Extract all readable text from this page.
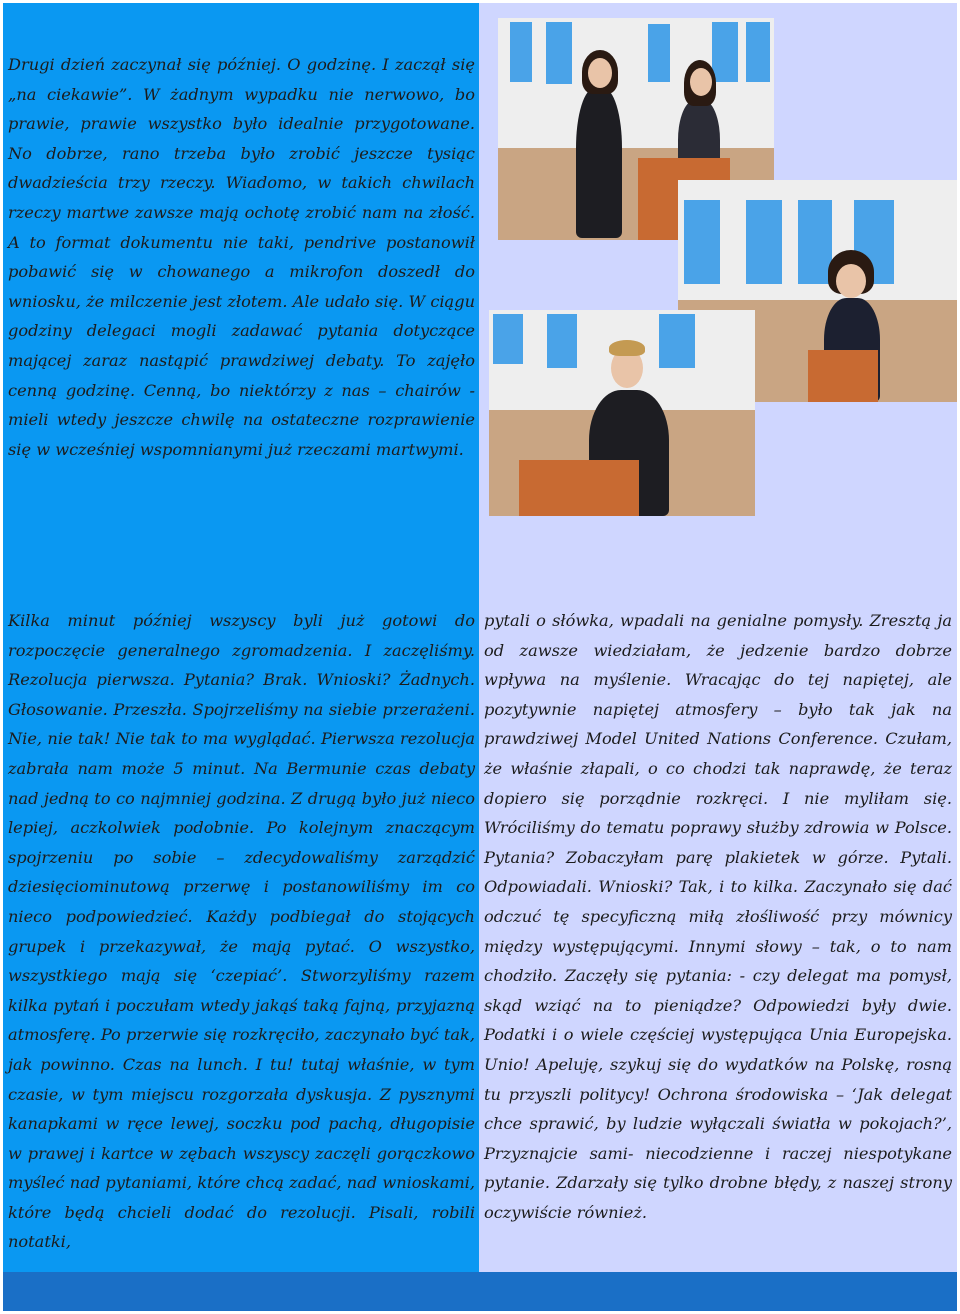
Drugi dzień zaczynał się później. O godzinę. I zaczął się „na ciekawie”. W żadnym wypadku nie nerwowo, bo prawie, prawie wszystko było idealnie przygotowane. No dobrze, rano trzeba było zrobić jeszcze tysiąc dwadzieścia trzy rzeczy. Wiadomo, w takich chwilach rzeczy martwe zawsze mają ochotę zrobić nam na złość. A to format dokumentu nie taki, pendrive postanowił pobawić się w chowanego a mikrofon doszedł do wniosku, że milczenie jest złotem. Ale udało się. W ciągu godziny delegaci mogli zadawać pytania dotyczące mającej zaraz nastąpić prawdziwej debaty. To zajęło cenną godzinę. Cenną, bo niektórzy z nas – chairów - mieli wtedy jeszcze chwilę na ostateczne rozprawienie się w wcześniej wspomnianymi już rzeczami martwymi.
Kilka minut później wszyscy byli już gotowi do rozpoczęcie generalnego zgromadzenia. I zaczęliśmy. Rezolucja pierwsza. Pytania? Brak. Wnioski? Żadnych. Głosowanie. Przeszła. Spojrzeliśmy na siebie przerażeni. Nie, nie tak! Nie tak to ma wyglądać. Pierwsza rezolucja zabrała nam może 5 minut. Na Bermunie czas debaty nad jedną to co najmniej godzina. Z drugą było już nieco lepiej, aczkolwiek podobnie. Po kolejnym znaczącym spojrzeniu po sobie – zdecydowaliśmy zarządzić dziesięciominutową przerwę i postanowiliśmy im co nieco podpowiedzieć. Każdy podbiegał do stojących grupek i przekazywał, że mają pytać. O wszystko, wszystkiego mają się ‘czepiać’. Stworzyliśmy razem kilka pytań i poczułam wtedy jakąś taką fajną, przyjazną atmosferę. Po przerwie się rozkręciło, zaczynało być tak, jak powinno. Czas na lunch. I tu! tutaj właśnie, w tym czasie, w tym miejscu rozgorzała dyskusja. Z pysznymi kanapkami w ręce lewej, soczku pod pachą, długopisie w prawej i kartce w zębach wszyscy zaczęli gorączkowo myśleć nad pytaniami, które chcą zadać, nad wnioskami, które będą chcieli dodać do rezolucji. Pisali, robili notatki,
pytali o słówka, wpadali na genialne pomysły. Zresztą ja od zawsze wiedziałam, że jedzenie bardzo dobrze wpływa na myślenie. Wracając do tej napiętej, ale pozytywnie napiętej atmosfery – było tak jak na prawdziwej Model United Nations Conference. Czułam, że właśnie złapali, o co chodzi tak naprawdę, że teraz dopiero się porządnie rozkręci. I nie myliłam się. Wróciliśmy do tematu poprawy służby zdrowia w Polsce. Pytania? Zobaczyłam parę plakietek w górze. Pytali. Odpowiadali. Wnioski? Tak, i to kilka. Zaczynało się dać odczuć tę specyficzną miłą złośliwość przy mównicy między występującymi. Innymi słowy – tak, o to nam chodziło. Zaczęły się pytania: - czy delegat ma pomysł, skąd wziąć na to pieniądze? Odpowiedzi były dwie. Podatki i o wiele częściej występująca Unia Europejska. Unio! Apeluję, szykuj się do wydatków na Polskę, rosną tu przyszli politycy! Ochrona środowiska – ‘Jak delegat chce sprawić, by ludzie wyłączali światła w pokojach?’, Przyznajcie sami- niecodzienne i raczej niespotykane pytanie. Zdarzały się tylko drobne błędy, z naszej strony oczywiście również.
